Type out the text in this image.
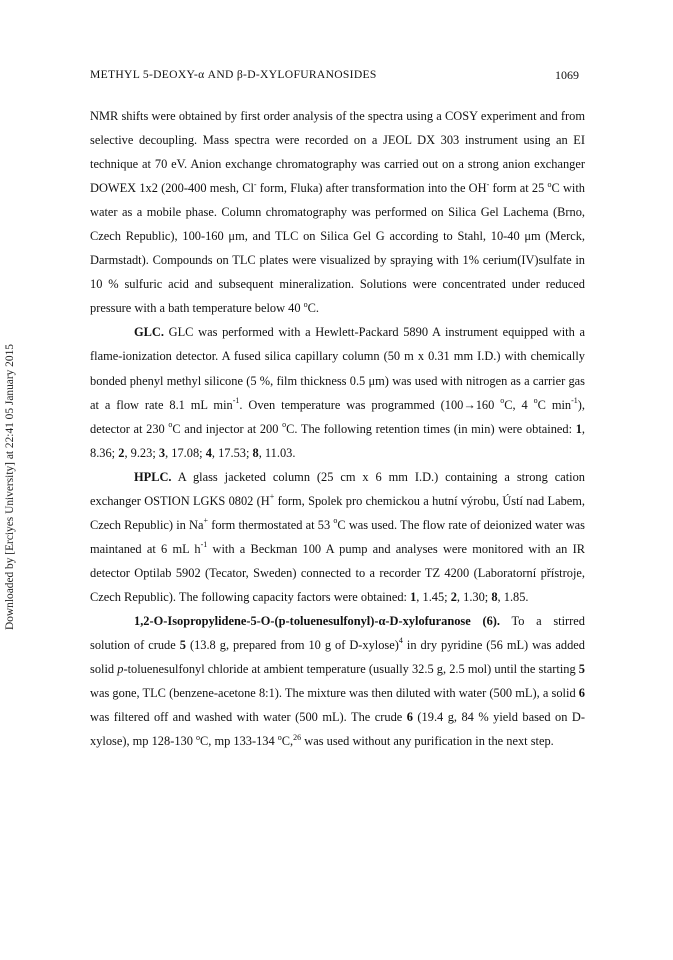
METHYL 5-DEOXY-α AND β-D-XYLOFURANOSIDES	1069
Downloaded by [Erciyes University] at 22:41 05 January 2015

NMR shifts were obtained by first order analysis of the spectra using a COSY experiment and from selective decoupling. Mass spectra were recorded on a JEOL DX 303 instrument using an EI technique at 70 eV. Anion exchange chromatography was carried out on a strong anion exchanger DOWEX 1x2 (200-400 mesh, Cl- form, Fluka) after transformation into the OH- form at 25 $^o$C with water as a mobile phase. Column chromatography was performed on Silica Gel Lachema (Brno, Czech Republic), 100-160 μm, and TLC on Silica Gel G according to Stahl, 10-40 μm (Merck, Darmstadt). Compounds on TLC plates were visualized by spraying with 1% cerium(IV)sulfate in 10 % sulfuric acid and subsequent mineralization. Solutions were concentrated under reduced pressure with a bath temperature below 40 $^o$C.

GLC. GLC was performed with a Hewlett-Packard 5890 A instrument equipped with a flame-ionization detector. A fused silica capillary column (50 m x 0.31 mm I.D.) with chemically bonded phenyl methyl silicone (5 %, film thickness 0.5 μm) was used with nitrogen as a carrier gas at a flow rate 8.1 mL $\min^{-1}$. Oven temperature was programmed (100→160 $^o$C, 4 $^o$C $\min^{-1}$), detector at 230 $^o$C and injector at 200 $^o$C. The following retention times (in min) were obtained: 1, 8.36; 2, 9.23; 3, 17.08; 4, 17.53; 8, 11.03.

HPLC. A glass jacketed column (25 cm x 6 mm I.D.) containing a strong cation exchanger OSTION LGKS 0802 (H+ form, Spolek pro chemickou a hutní výrobu, Ústí nad Labem, Czech Republic) in Na+ form thermostated at 53 $^o$C was used. The flow rate of deionized water was maintaned at 6 mL $h^{-1}$ with a Beckman 100 A pump and analyses were monitored with an IR detector Optilab 5902 (Tecator, Sweden) connected to a recorder TZ 4200 (Laboratorní přístroje, Czech Republic). The following capacity factors were obtained: 1, 1.45; 2, 1.30; 8, 1.85.

1,2-O-Isopropylidene-5-O-(p-toluenesulfonyl)-α-D-xylofuranose (6). To a stirred solution of crude 5 (13.8 g, prepared from 10 g of D-xylose)$^4$ in dry pyridine (56 mL) was added solid p-toluenesulfonyl chloride at ambient temperature (usually 32.5 g, 2.5 mol) until the starting 5 was gone, TLC (benzene-acetone 8:1). The mixture was then diluted with water (500 mL), a solid 6 was filtered off and washed with water (500 mL). The crude 6 (19.4 g, 84 % yield based on D-xylose), mp 128-130 $^o$C, mp 133-134 $^o$C,$^{26}$ was used without any purification in the next step.
